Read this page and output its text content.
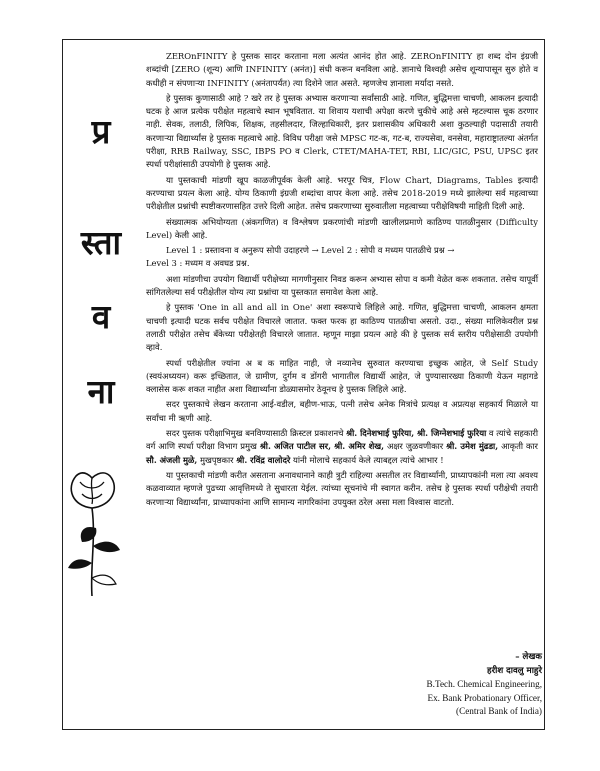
प्र
स्ता
व
ना

ZEROnFINITY हे पुस्तक सादर करताना मला अत्यंत आनंद होत आहे. ZEROnFINITY हा शब्द दोन इंग्रजी शब्दांची [ZERO (शून्य) आणि INFINITY (अनंत)] संधी करून बनविला आहे. ज्ञानाचे विश्वही असेच शून्यापासून सुरु होते व कधीही न संपणाऱ्या INFINITY (अनंतापर्यंत) त्या दिशेने जात असते. म्हणजेच ज्ञानाला मर्यादा नसते.

हे पुस्तक कुणासाठी आहे ? खरे तर हे पुस्तक अभ्यास करणाऱ्या सर्वांसाठी आहे. गणित, बुद्धिमत्ता चाचणी, आकलन इत्यादी घटक हे आज प्रत्येक परीक्षेत महत्वाचे स्थान भूषवितात. या शिवाय यशाची अपेक्षा करणे चुकीचे आहे असे म्हटल्यास चूक ठरणार नाही. सेवक, तलाठी, लिपिक, शिक्षक, तहसीलदार, जिल्हाधिकारी, इतर प्रशासकीय अधिकारी अशा कुठल्याही पदासाठी तयारी करणाऱ्या विद्यार्थ्यांस हे पुस्तक महत्वाचे आहे. विविध परीक्षा जसे MPSC गट-क, गट-ब, राज्यसेवा, वनसेवा, महाराष्ट्रातल्या अंतर्गत परीक्षा, RRB Railway, SSC, IBPS PO व Clerk, CTET/MAHA-TET, RBI, LIC/GIC, PSU, UPSC इतर स्पर्धा परीक्षांसाठी उपयोगी हे पुस्तक आहे.

या पुस्तकाची मांडणी खूप काळजीपूर्वक केली आहे. भरपूर चित्र, Flow Chart, Diagrams, Tables इत्यादी करण्याचा प्रयत्न केला आहे. योग्य ठिकाणी इंग्रजी शब्दांचा वापर केला आहे. तसेच 2018-2019 मध्ये झालेल्या सर्व महत्वाच्या परीक्षेतील प्रश्नांची स्पष्टीकरणासहित उत्तरे दिली आहेत. तसेच प्रकरणाच्या सुरुवातीला महत्वाच्या परीक्षेविषयी माहिती दिली आहे.

संख्यात्मक अभियोग्यता (अंकगणित) व विश्लेषण प्रकरणांची मांडणी खालीलप्रमाणे काठिण्य पातळीनुसार (Difficulty Level) केली आहे.

Level 1 : प्रस्तावना व अनुरूप सोपी उदाहरणे → Level 2 : सोपी व मध्यम पातळीचे प्रश्न →

Level 3 : मध्यम व अवघड प्रश्न.

अशा मांडणीचा उपयोग विद्यार्थी परीक्षेच्या मागणीनुसार निवड करून अभ्यास सोपा व कमी वेळेत करू शकतात. तसेच यापूर्वी सांगितलेल्या सर्व परीक्षेतील योग्य त्या प्रश्नांचा या पुस्तकात समावेश केला आहे.

हे पुस्तक 'One in all and all in One' अशा स्वरूपाचे लिहिले आहे. गणित, बुद्धिमत्ता चाचणी, आकलन क्षमता चाचणी इत्यादी घटक सर्वच परीक्षेत विचारले जातात. फक्त फरक हा काठिण्य पातळीचा असतो. उदा., संख्या मालिकेवरील प्रश्न तलाठी परीक्षेत तसेच बँकेच्या परीक्षेतही विचारले जातात. म्हणून माझा प्रयत्न आहे की हे पुस्तक सर्व स्तरीय परीक्षेसाठी उपयोगी व्हावे.

स्पर्धा परीक्षेतील ज्यांना अ ब क माहित नाही, जे नव्यानेच सुरुवात करण्याचा इच्छुक आहेत, जे Self Study (स्वयंअध्ययन) करू इच्छितात, जे ग्रामीण, दुर्गम व डोंगरी भागातील विद्यार्थी आहेत, जे पुण्यासारख्या ठिकाणी येऊन महागडे क्लासेस करू शकत नाहीत अशा विद्यार्थ्यांना डोळ्यासमोर ठेवूनच हे पुस्तक लिहिले आहे.

सदर पुस्तकाचे लेखन करताना आई-वडील, बहीण-भाऊ, पत्नी तसेच अनेक मित्रांचे प्रत्यक्ष व अप्रत्यक्ष सहकार्य मिळाले या सर्वांचा मी ऋणी आहे.

सदर पुस्तक परीक्षाभिमुख बनविण्यासाठी क्रिस्टल प्रकाशनचे श्री. दिनेशभाई फुरिया, श्री. जिग्नेशभाई फुरिया व त्यांचे सहकारी वर्ग आणि स्पर्धा परीक्षा विभाग प्रमुख श्री. अजित पाटील सर, श्री. अमिर शेख, अक्षर जुळवणीकार श्री. उमेश मुंढडा, आकृती कार सौ. अंजली मुळे, मुखपृष्ठकार श्री. रविंद्र वालोदरे यांनी मोलाचे सहकार्य केले त्याबद्दल त्यांचे आभार !

या पुस्तकाची मांडणी करीत असताना अनावधानाने काही त्रुटी राहिल्या असतील तर विद्यार्थ्यांनी, प्राध्यापकांनी मला त्या अवश्य कळवाव्यात म्हणजे पुढच्या आवृत्तिमध्ये ते सुधारता येईल. त्यांच्या सूचनांचे मी स्वागत करीन. तसेच हे पुस्तक स्पर्धा परीक्षेची तयारी करणाऱ्या विद्यार्थ्यांना, प्राध्यापकांना आणि सामान्य नागरिकांना उपयुक्त ठरेल असा मला विश्वास वाटतो.

– लेखक
हरीश दावलु माहुरे
B.Tech. Chemical Engineering,
Ex. Bank Probationary Officer,
(Central Bank of India)
